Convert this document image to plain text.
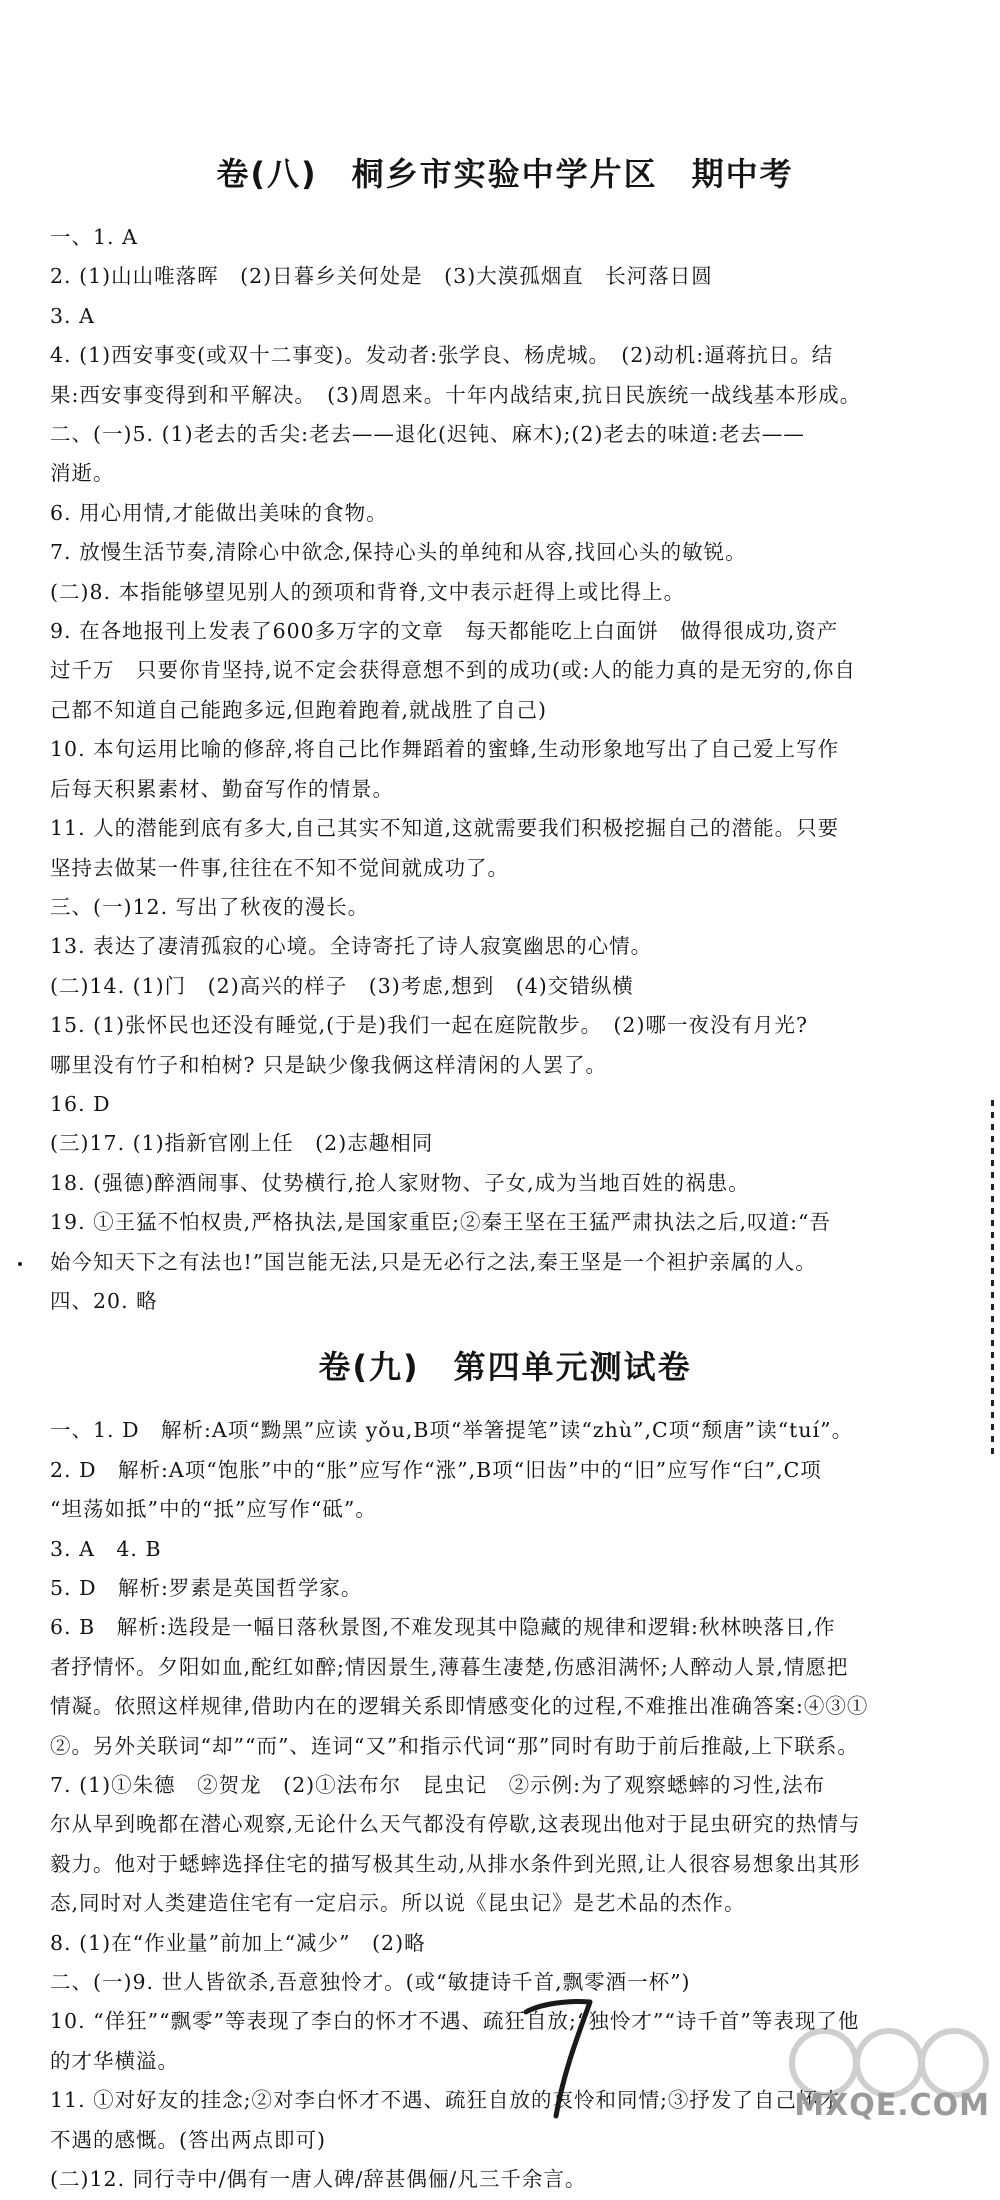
卷(八)　桐乡市实验中学片区　期中考
一、1. A
2. (1)山山唯落晖　(2)日暮乡关何处是　(3)大漠孤烟直　长河落日圆
3. A
4. (1)西安事变(或双十二事变)。发动者:张学良、杨虎城。　(2)动机:逼蒋抗日。结
果:西安事变得到和平解决。　(3)周恩来。十年内战结束,抗日民族统一战线基本形成。
二、(一)5. (1)老去的舌尖:老去——退化(迟钝、麻木);(2)老去的味道:老去——
消逝。
6. 用心用情,才能做出美味的食物。
7. 放慢生活节奏,清除心中欲念,保持心头的单纯和从容,找回心头的敏锐。
(二)8. 本指能够望见别人的颈项和背脊,文中表示赶得上或比得上。
9. 在各地报刊上发表了600多万字的文章　每天都能吃上白面饼　做得很成功,资产
过千万　只要你肯坚持,说不定会获得意想不到的成功(或:人的能力真的是无穷的,你自
己都不知道自己能跑多远,但跑着跑着,就战胜了自己)
10. 本句运用比喻的修辞,将自己比作舞蹈着的蜜蜂,生动形象地写出了自己爱上写作
后每天积累素材、勤奋写作的情景。
11. 人的潜能到底有多大,自己其实不知道,这就需要我们积极挖掘自己的潜能。只要
坚持去做某一件事,往往在不知不觉间就成功了。
三、(一)12. 写出了秋夜的漫长。
13. 表达了凄清孤寂的心境。全诗寄托了诗人寂寞幽思的心情。
(二)14. (1)门　(2)高兴的样子　(3)考虑,想到　(4)交错纵横
15. (1)张怀民也还没有睡觉,(于是)我们一起在庭院散步。　(2)哪一夜没有月光?
哪里没有竹子和柏树? 只是缺少像我俩这样清闲的人罢了。
16. D
(三)17. (1)指新官刚上任　(2)志趣相同
18. (强德)醉酒闹事、仗势横行,抢人家财物、子女,成为当地百姓的祸患。
19. ①王猛不怕权贵,严格执法,是国家重臣;②秦王坚在王猛严肃执法之后,叹道:“吾
始今知天下之有法也!”国岂能无法,只是无必行之法,秦王坚是一个袒护亲属的人。
四、20. 略
卷(九)　第四单元测试卷
一、1. D　解析:A项“黝黑”应读 yǒu,B项“举箸提笔”读“zhù”,C项“颓唐”读“tuí”。
2. D　解析:A项“饱胀”中的“胀”应写作“涨”,B项“旧齿”中的“旧”应写作“臼”,C项
“坦荡如抵”中的“抵”应写作“砥”。
3. A　4. B
5. D　解析:罗素是英国哲学家。
6. B　解析:选段是一幅日落秋景图,不难发现其中隐藏的规律和逻辑:秋林映落日,作
者抒情怀。夕阳如血,酡红如醉;情因景生,薄暮生凄楚,伤感泪满怀;人醉动人景,情愿把
情凝。依照这样规律,借助内在的逻辑关系即情感变化的过程,不难推出准确答案:④③①
②。另外关联词“却”“而”、连词“又”和指示代词“那”同时有助于前后推敲,上下联系。
7. (1)①朱德　②贺龙　(2)①法布尔　昆虫记　②示例:为了观察蟋蟀的习性,法布
尔从早到晚都在潜心观察,无论什么天气都没有停歇,这表现出他对于昆虫研究的热情与
毅力。他对于蟋蟀选择住宅的描写极其生动,从排水条件到光照,让人很容易想象出其形
态,同时对人类建造住宅有一定启示。所以说《昆虫记》是艺术品的杰作。
8. (1)在“作业量”前加上“减少”　(2)略
二、(一)9. 世人皆欲杀,吾意独怜才。(或“敏捷诗千首,飘零酒一杯”)
10. “佯狂”“飘零”等表现了李白的怀才不遇、疏狂自放;“独怜才”“诗千首”等表现了他
的才华横溢。
11. ①对好友的挂念;②对李白怀才不遇、疏狂自放的哀怜和同情;③抒发了自己怀才
不遇的感慨。(答出两点即可)
(二)12. 同行寺中/偶有一唐人碑/辞甚偶俪/凡三千余言。
MXQE.COM
